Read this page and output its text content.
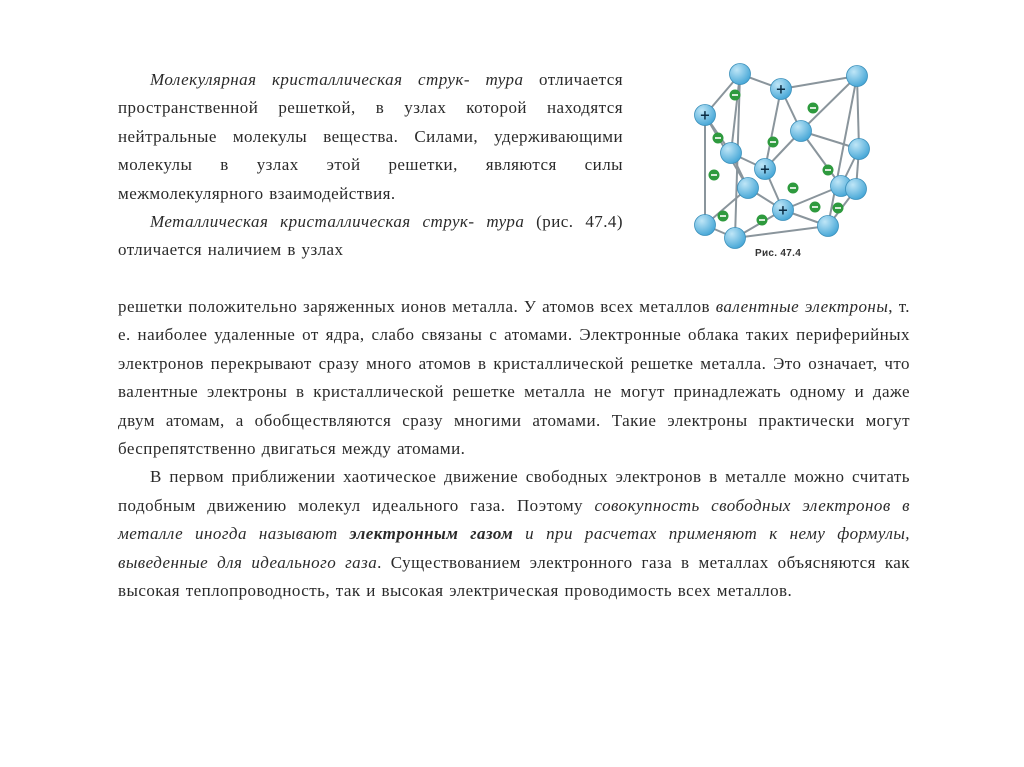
Молекулярная кристаллическая струк- тура отличается пространственной решеткой, в узлах которой находятся нейтральные молекулы вещества. Силами, удерживающими молекулы в узлах этой решетки, являются силы межмолекулярного взаимодействия.

Металлическая кристаллическая струк- тура (рис. 47.4) отличается наличием в узлах

+
+
+
+
Рис. 47.4

решетки положительно заряженных ионов металла. У атомов всех металлов валентные электроны, т. е. наиболее удаленные от ядра, слабо связаны с атомами. Электронные облака таких периферийных электронов перекрывают сразу много атомов в кристаллической решетке металла. Это означает, что валентные электроны в кристаллической решетке металла не могут принадлежать одному и даже двум атомам, а обобществляются сразу многими атомами. Такие электроны практически могут беспрепятственно двигаться между атомами.

В первом приближении хаотическое движение свободных электронов в металле можно считать подобным движению молекул идеального газа. Поэтому совокупность свободных электронов в металле иногда называют электронным газом и при расчетах применяют к нему формулы, выведенные для идеального газа. Существованием электронного газа в металлах объясняются как высокая теплопроводность, так и высокая электрическая проводимость всех металлов.
